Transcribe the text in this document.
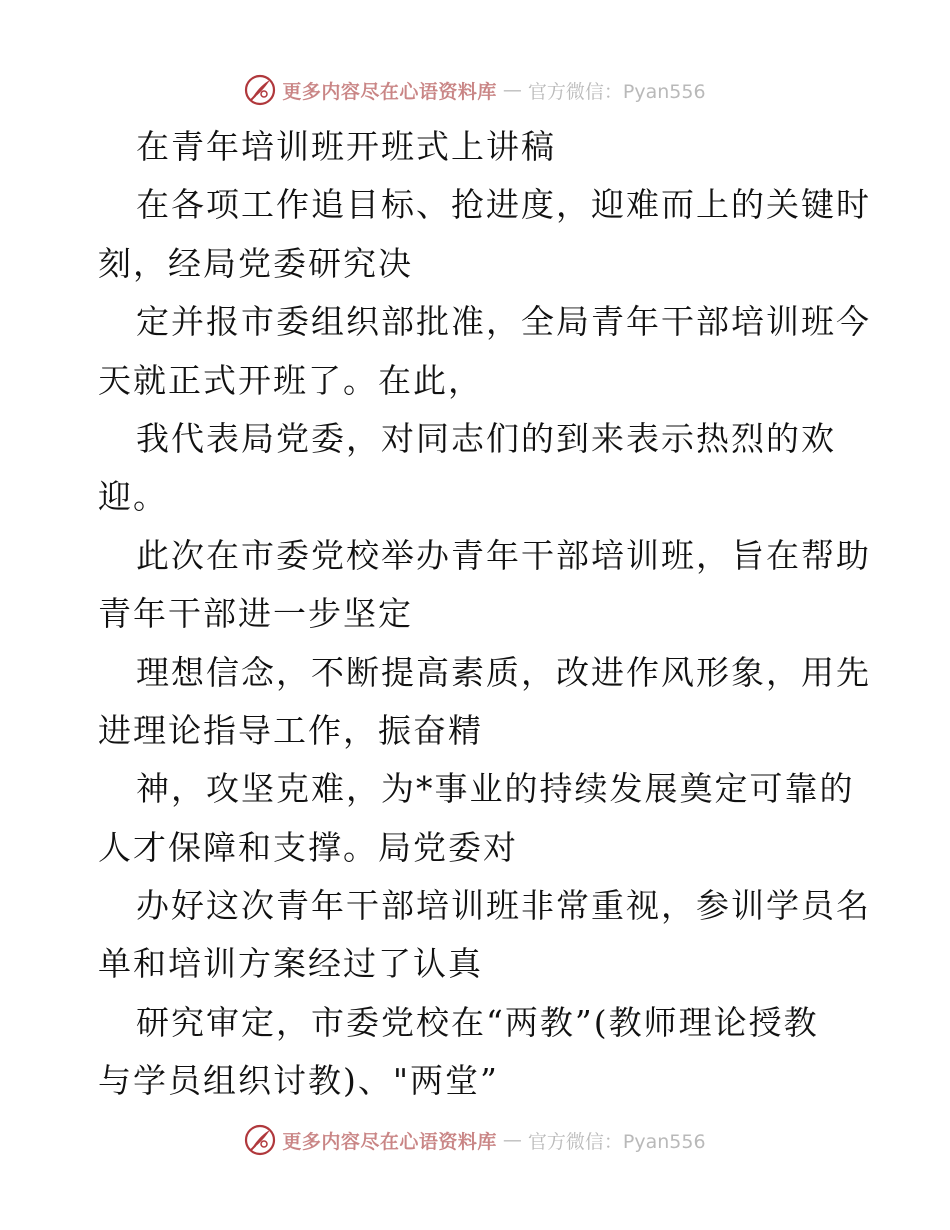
更多内容尽在心语资料库 — 官方微信：Pyan556
在青年培训班开班式上讲稿
在各项工作追目标、抢进度，迎难而上的关键时
刻，经局党委研究决
定并报市委组织部批准，全局青年干部培训班今
天就正式开班了。在此，
我代表局党委，对同志们的到来表示热烈的欢
迎。
此次在市委党校举办青年干部培训班，旨在帮助
青年干部进一步坚定
理想信念，不断提高素质，改进作风形象，用先
进理论指导工作，振奋精
神，攻坚克难，为*事业的持续发展奠定可靠的
人才保障和支撑。局党委对
办好这次青年干部培训班非常重视，参训学员名
单和培训方案经过了认真
研究审定，市委党校在“两教”(教师理论授教
与学员组织讨教)、"两堂”
更多内容尽在心语资料库 — 官方微信：Pyan556
